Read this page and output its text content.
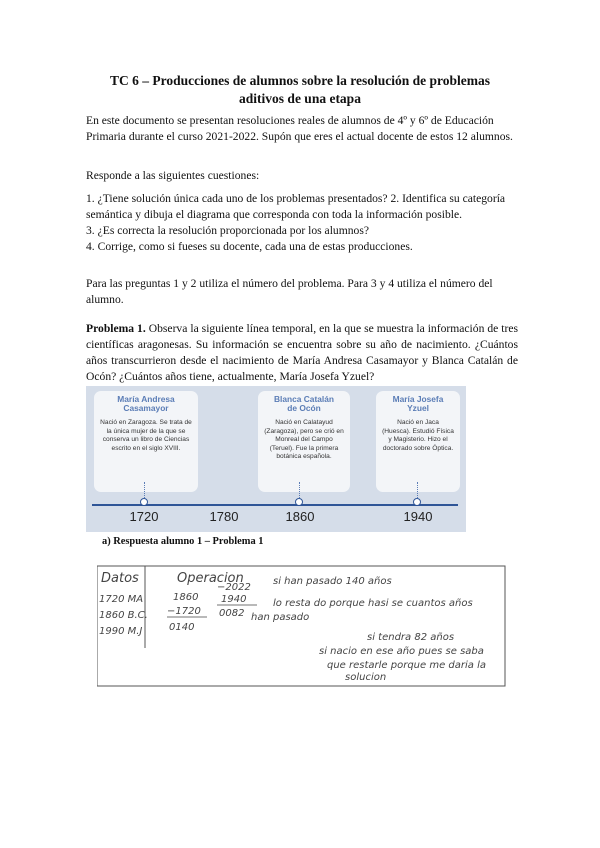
TC 6 – Producciones de alumnos sobre la resolución de problemas
aditivos de una etapa
En este documento se presentan resoluciones reales de alumnos de 4º y 6º de Educación Primaria durante el curso 2021-2022. Supón que eres el actual docente de estos 12 alumnos.
Responde a las siguientes cuestiones:
1. ¿Tiene solución única cada uno de los problemas presentados? 2. Identifica su categoría semántica y dibuja el diagrama que corresponda con toda la información posible.
3. ¿Es correcta la resolución proporcionada por los alumnos?
4. Corrige, como si fueses su docente, cada una de estas producciones.
Para las preguntas 1 y 2 utiliza el número del problema. Para 3 y 4 utiliza el número del alumno.
Problema 1. Observa la siguiente línea temporal, en la que se muestra la información de tres científicas aragonesas. Su información se encuentra sobre su año de nacimiento. ¿Cuántos años transcurrieron desde el nacimiento de María Andresa Casamayor y Blanca Catalán de Ocón? ¿Cuántos años tiene, actualmente, María Josefa Yzuel?
María Andresa
Casamayor
Nació en Zaragoza. Se trata de la única mujer de la que se conserva un libro de Ciencias escrito en el siglo XVIII.
Blanca Catalán
de Ocón
Nació en Calatayud (Zaragoza), pero se crió en Monreal del Campo (Teruel). Fue la primera botánica española.
María Josefa
Yzuel
Nació en Jaca (Huesca). Estudió Física y Magisterio. Hizo el doctorado sobre Óptica.
1720	1780	1860	1940
a) Respuesta alumno 1 – Problema 1
Datos
1720 MA
1860 B.C.
1990 M.J
Operacion
1860
−1720
0140
−2022
1940
0082
si han pasado 140 años
lo resta do porque hasi se cuantos años
han pasado
si tendra 82 años
si nacio en ese año pues se saba
que restarle porque me daria la
solucion
